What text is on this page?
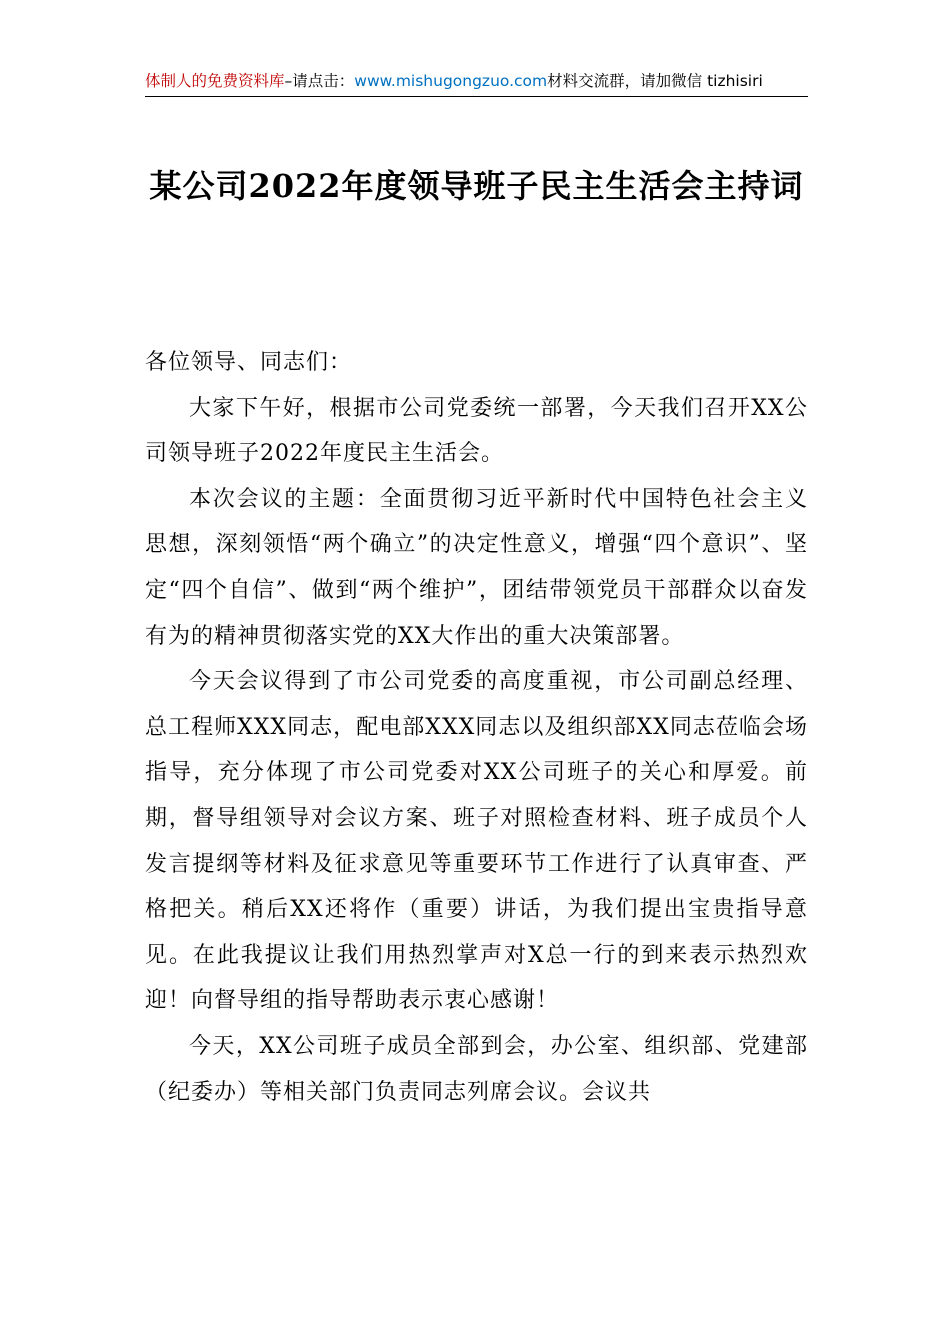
体制人的免费资料库–请点击：www.mishugongzuo.com材料交流群，请加微信 tizhisiri
某公司2022年度领导班子民主生活会主持词

各位领导、同志们：

大家下午好，根据市公司党委统一部署，今天我们召开XX公司领导班子2022年度民主生活会。

本次会议的主题：全面贯彻习近平新时代中国特色社会主义思想，深刻领悟“两个确立”的决定性意义，增强“四个意识”、坚定“四个自信”、做到“两个维护”，团结带领党员干部群众以奋发有为的精神贯彻落实党的XX大作出的重大决策部署。

今天会议得到了市公司党委的高度重视，市公司副总经理、总工程师XXX同志，配电部XXX同志以及组织部XX同志莅临会场指导，充分体现了市公司党委对XX公司班子的关心和厚爱。前期，督导组领导对会议方案、班子对照检查材料、班子成员个人发言提纲等材料及征求意见等重要环节工作进行了认真审查、严格把关。稍后XX还将作（重要）讲话，为我们提出宝贵指导意见。在此我提议让我们用热烈掌声对X总一行的到来表示热烈欢迎！向督导组的指导帮助表示衷心感谢！

今天，XX公司班子成员全部到会，办公室、组织部、党建部（纪委办）等相关部门负责同志列席会议。会议共
